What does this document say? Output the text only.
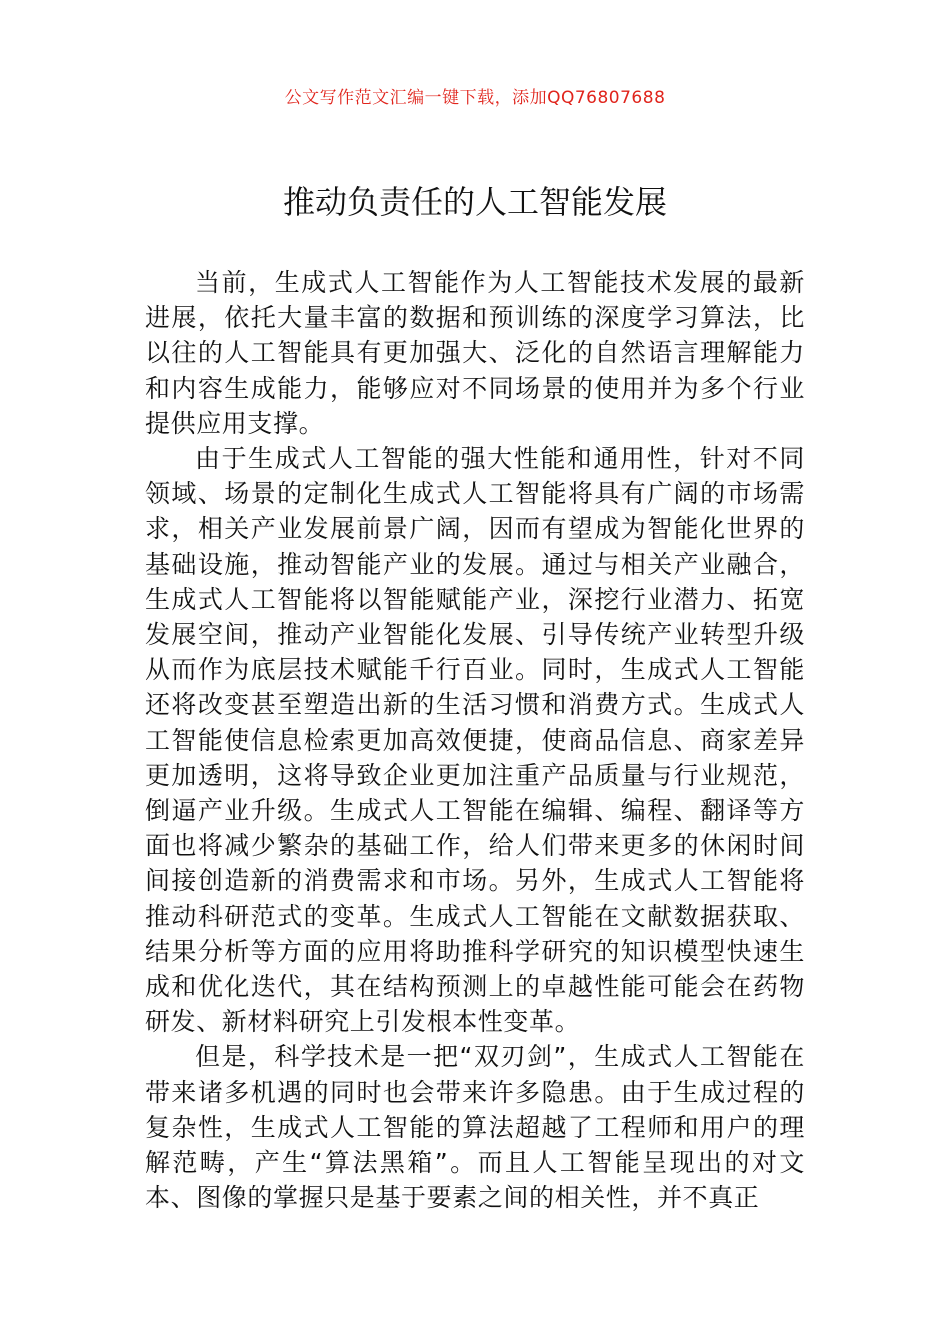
公文写作范文汇编一键下载，添加QQ76807688
推动负责任的人工智能发展

当前，生成式人工智能作为人工智能技术发展的最新进展，依托大量丰富的数据和预训练的深度学习算法，比以往的人工智能具有更加强大、泛化的自然语言理解能力和内容生成能力，能够应对不同场景的使用并为多个行业提供应用支撑。

由于生成式人工智能的强大性能和通用性，针对不同领域、场景的定制化生成式人工智能将具有广阔的市场需求，相关产业发展前景广阔，因而有望成为智能化世界的基础设施，推动智能产业的发展。通过与相关产业融合，生成式人工智能将以智能赋能产业，深挖行业潜力、拓宽发展空间，推动产业智能化发展、引导传统产业转型升级从而作为底层技术赋能千行百业。同时，生成式人工智能还将改变甚至塑造出新的生活习惯和消费方式。生成式人工智能使信息检索更加高效便捷，使商品信息、商家差异更加透明，这将导致企业更加注重产品质量与行业规范，倒逼产业升级。生成式人工智能在编辑、编程、翻译等方面也将减少繁杂的基础工作，给人们带来更多的休闲时间间接创造新的消费需求和市场。另外，生成式人工智能将推动科研范式的变革。生成式人工智能在文献数据获取、结果分析等方面的应用将助推科学研究的知识模型快速生成和优化迭代，其在结构预测上的卓越性能可能会在药物研发、新材料研究上引发根本性变革。

但是，科学技术是一把“双刃剑”，生成式人工智能在带来诸多机遇的同时也会带来许多隐患。由于生成过程的复杂性，生成式人工智能的算法超越了工程师和用户的理解范畴，产生“算法黑箱”。而且人工智能呈现出的对文本、图像的掌握只是基于要素之间的相关性，并不真正
